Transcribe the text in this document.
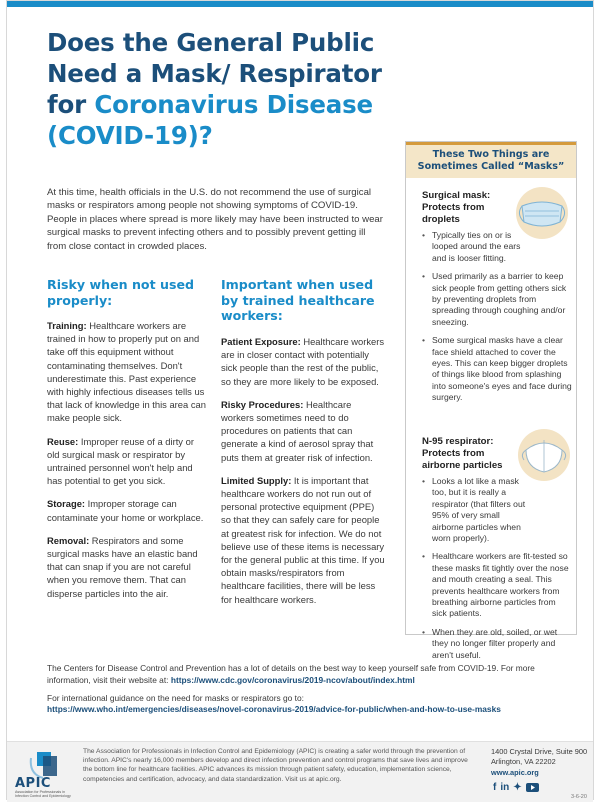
Does the General Public Need a Mask/ Respirator for Coronavirus Disease (COVID-19)?

At this time, health officials in the U.S. do not recommend the use of surgical masks or respirators among people not showing symptoms of COVID-19. People in places where spread is more likely may have been instructed to wear surgical masks to prevent infecting others and to possibly prevent getting ill from close contact in crowded places.

Risky when not used properly:

Training: Healthcare workers are trained in how to properly put on and take off this equipment without contaminating themselves. Don't underestimate this. Past experience with highly infectious diseases tells us that lack of knowledge in this area can make people sick.

Reuse: Improper reuse of a dirty or old surgical mask or respirator by untrained personnel won't help and has potential to get you sick.

Storage: Improper storage can contaminate your home or workplace.

Removal: Respirators and some surgical masks have an elastic band that can snap if you are not careful when you remove them. That can disperse particles into the air.

Important when used by trained healthcare workers:

Patient Exposure: Healthcare workers are in closer contact with potentially sick people than the rest of the public, so they are more likely to be exposed.

Risky Procedures: Healthcare workers sometimes need to do procedures on patients that can generate a kind of aerosol spray that puts them at greater risk of infection.

Limited Supply: It is important that healthcare workers do not run out of personal protective equipment (PPE) so that they can safely care for people at greatest risk for infection. We do not believe use of these items is necessary for the general public at this time. If you obtain masks/respirators from healthcare facilities, there will be less for healthcare workers.

These Two Things are Sometimes Called “Masks”

Surgical mask: Protects from droplets

• Typically ties on or is looped around the ears and is looser fitting.
• Used primarily as a barrier to keep sick people from getting others sick by preventing droplets from spreading through coughing and/or sneezing.
• Some surgical masks have a clear face shield attached to cover the eyes. This can keep bigger droplets of things like blood from splashing into someone's eyes and face during surgery.

N-95 respirator: Protects from airborne particles

• Looks a lot like a mask too, but it is really a respirator (that filters out 95% of very small airborne particles when worn properly).
• Healthcare workers are fit-tested so these masks fit tightly over the nose and mouth creating a seal. This prevents healthcare workers from breathing airborne particles from sick patients.
• When they are old, soiled, or wet they no longer filter properly and aren't useful.

The Centers for Disease Control and Prevention has a lot of details on the best way to keep yourself safe from COVID-19. For more information, visit their website at: https://www.cdc.gov/coronavirus/2019-ncov/about/index.html

For international guidance on the need for masks or respirators go to:

https://www.who.int/emergencies/diseases/novel-coronavirus-2019/advice-for-public/when-and-how-to-use-masks

APIC
Association for Professionals in Infection Control and Epidemiology

The Association for Professionals in Infection Control and Epidemiology (APIC) is creating a safer world through the prevention of infection. APIC's nearly 16,000 members develop and direct infection prevention and control programs that save lives and improve the bottom line for healthcare facilities. APIC advances its mission through patient safety, education, implementation science, competencies and certification, advocacy, and data standardization. Visit us at apic.org.

1400 Crystal Drive, Suite 900
Arlington, VA 22202
www.apic.org
f in ✦
3-6-20
